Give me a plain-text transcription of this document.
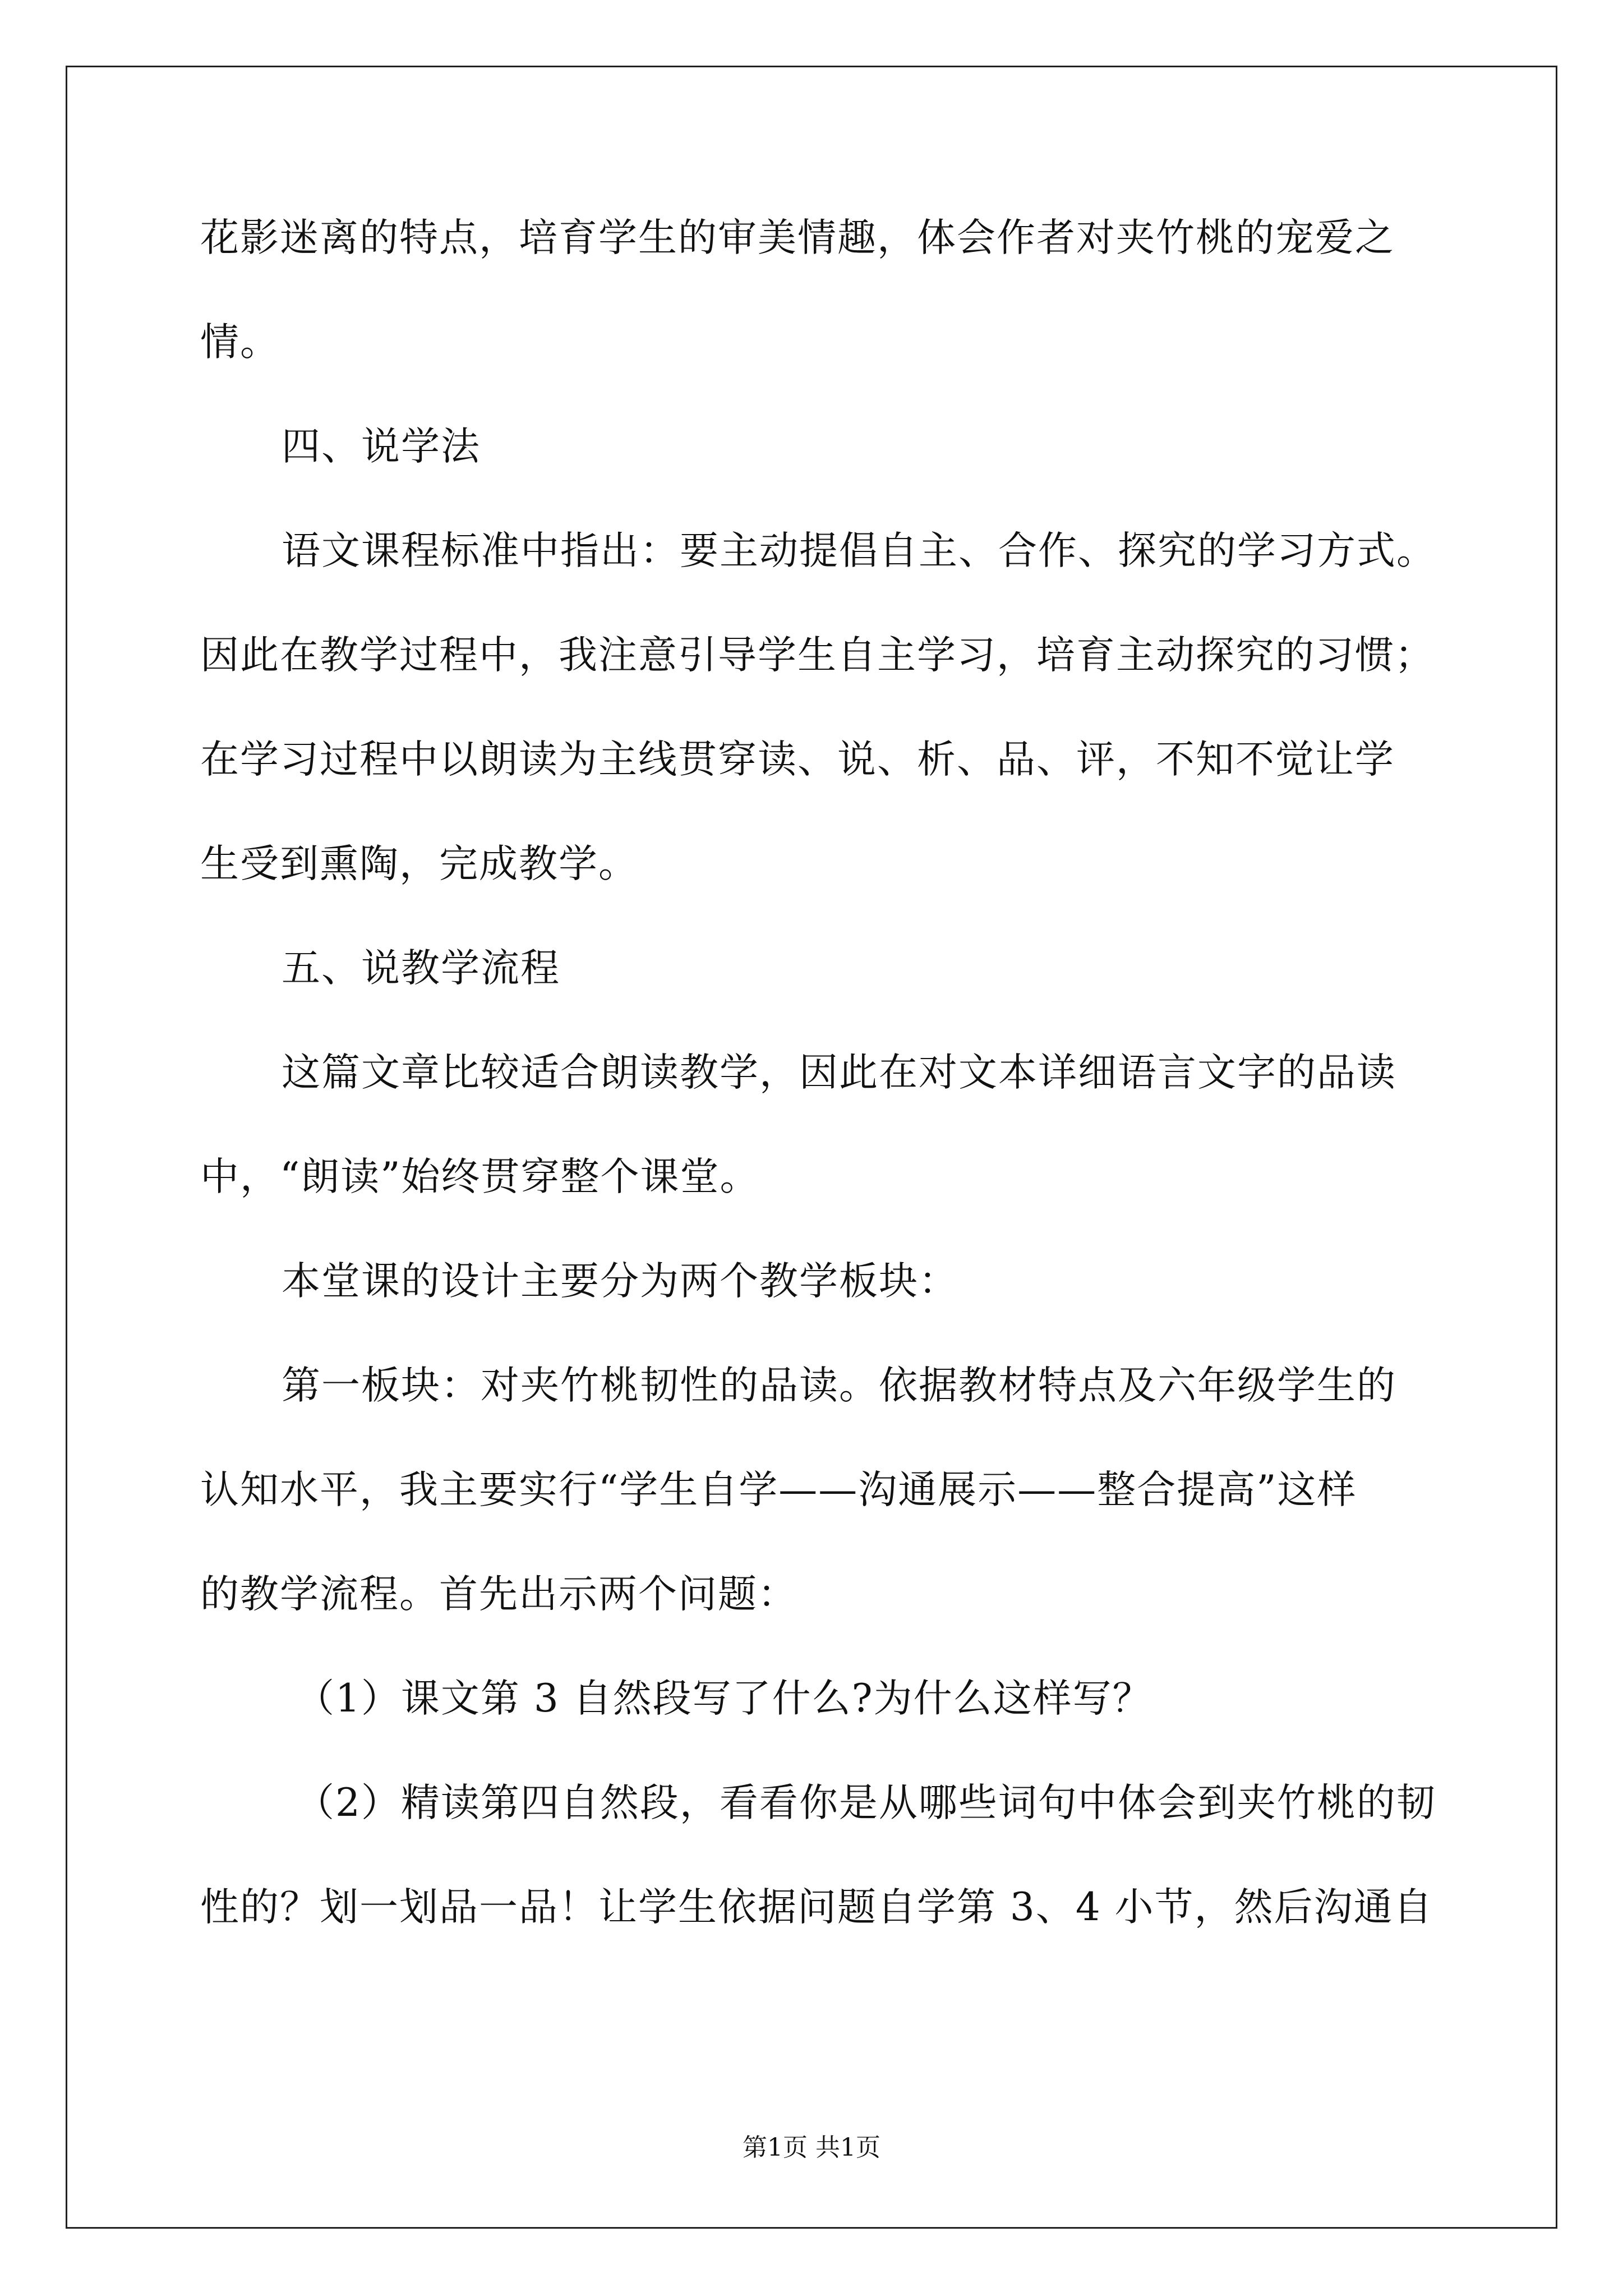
花影迷离的特点，培育学生的审美情趣，体会作者对夹竹桃的宠爱之
情。
四、说学法
语文课程标准中指出：要主动提倡自主、合作、探究的学习方式。
因此在教学过程中，我注意引导学生自主学习，培育主动探究的习惯；
在学习过程中以朗读为主线贯穿读、说、析、品、评，不知不觉让学
生受到熏陶，完成教学。
五、说教学流程
这篇文章比较适合朗读教学，因此在对文本详细语言文字的品读
中，“朗读”始终贯穿整个课堂。
本堂课的设计主要分为两个教学板块：
第一板块：对夹竹桃韧性的品读。依据教材特点及六年级学生的
认知水平，我主要实行“学生自学——沟通展示——整合提高”这样
的教学流程。首先出示两个问题：
（1）课文第 3 自然段写了什么?为什么这样写？
（2）精读第四自然段，看看你是从哪些词句中体会到夹竹桃的韧
性的？划一划品一品！让学生依据问题自学第 3、4 小节，然后沟通自
第1页 共1页
